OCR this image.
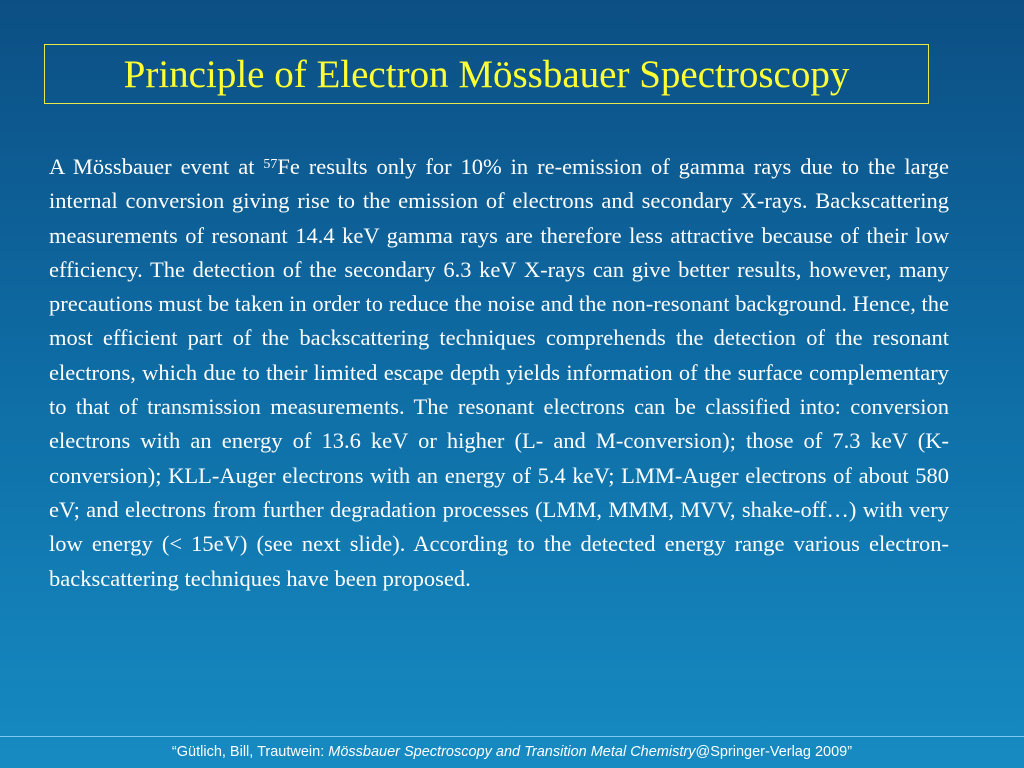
Principle of Electron Mössbauer Spectroscopy

A Mössbauer event at $^{57}$Fe results only for 10% in re-emission of gamma rays due to the large internal conversion giving rise to the emission of electrons and secondary X-rays. Backscattering measurements of resonant 14.4 keV gamma rays are therefore less attractive because of their low efficiency. The detection of the secondary 6.3 keV X-rays can give better results, however, many precautions must be taken in order to reduce the noise and the non-resonant background. Hence, the most efficient part of the backscattering techniques comprehends the detection of the resonant electrons, which due to their limited escape depth yields information of the surface complementary to that of transmission measurements. The resonant electrons can be classified into: conversion electrons with an energy of 13.6 keV or higher (L- and M-conversion); those of 7.3 keV (K-conversion); KLL-Auger electrons with an energy of 5.4 keV; LMM-Auger electrons of about 580 eV; and electrons from further degradation processes (LMM, MMM, MVV, shake-off…) with very low energy (< 15eV) (see next slide). According to the detected energy range various electron-backscattering techniques have been proposed.

“Gütlich, Bill, Trautwein: Mössbauer Spectroscopy and Transition Metal Chemistry@Springer-Verlag 2009”
